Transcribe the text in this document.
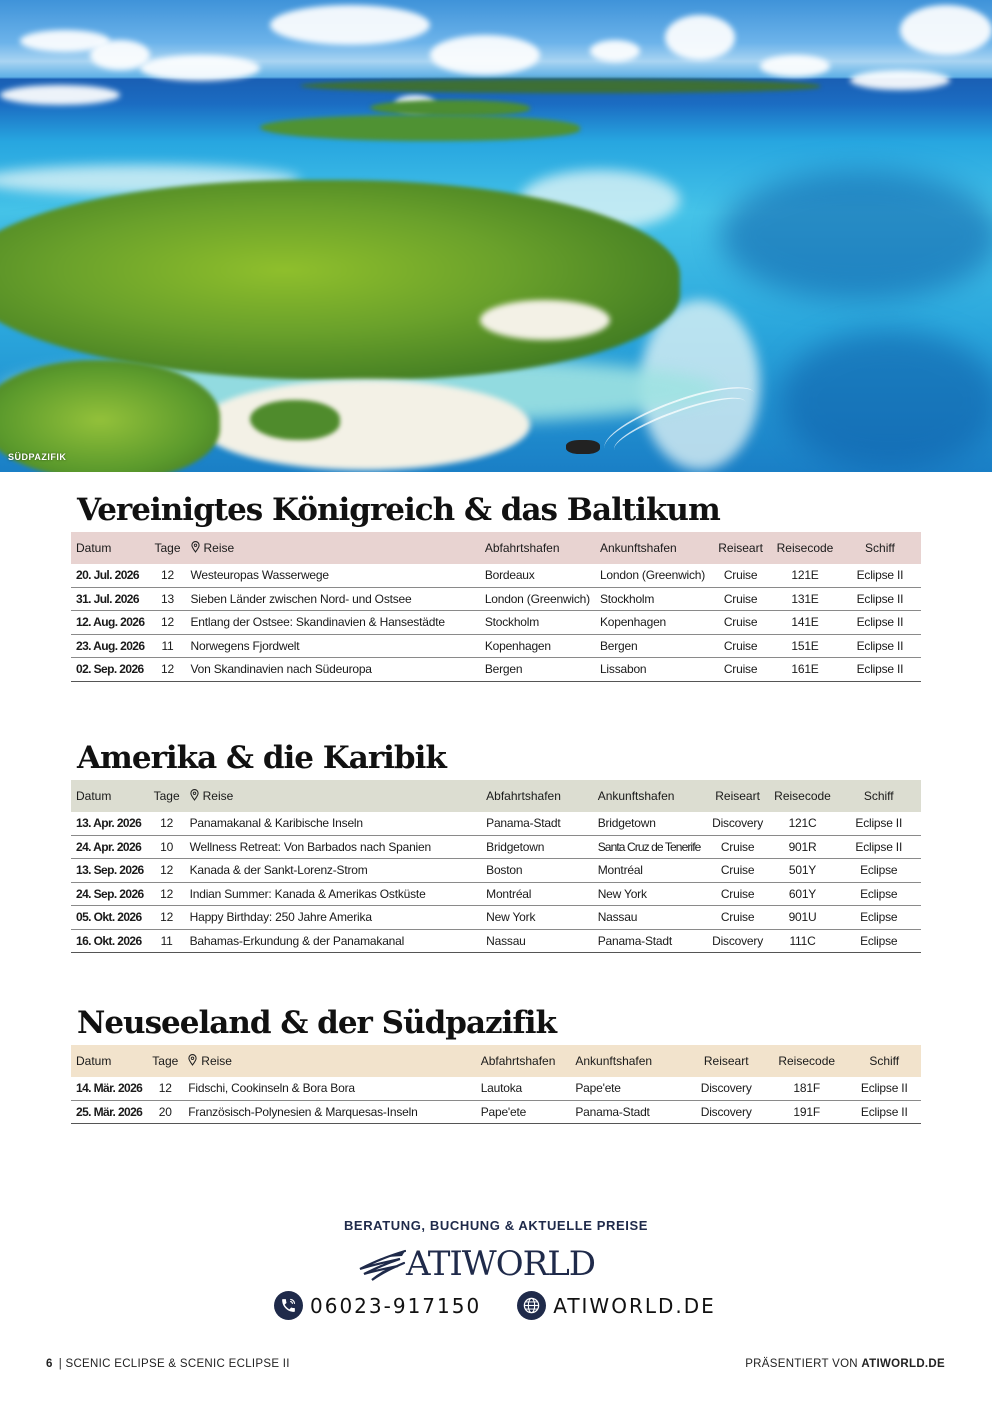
SÜDPAZIFIK
Vereinigtes Königreich & das Baltikum
Datum	Tage	Reise	Abfahrtshafen	Ankunftshafen	Reiseart	Reisecode	Schiff
20. Jul. 2026	12	Westeuropas Wasserwege	Bordeaux	London (Greenwich)	Cruise	121E	Eclipse II
31. Jul. 2026	13	Sieben Länder zwischen Nord- und Ostsee	London (Greenwich)	Stockholm	Cruise	131E	Eclipse II
12. Aug. 2026	12	Entlang der Ostsee: Skandinavien & Hansestädte	Stockholm	Kopenhagen	Cruise	141E	Eclipse II
23. Aug. 2026	11	Norwegens Fjordwelt	Kopenhagen	Bergen	Cruise	151E	Eclipse II
02. Sep. 2026	12	Von Skandinavien nach Südeuropa	Bergen	Lissabon	Cruise	161E	Eclipse II
Amerika & die Karibik
Datum	Tage	Reise	Abfahrtshafen	Ankunftshafen	Reiseart	Reisecode	Schiff
13. Apr. 2026	12	Panamakanal & Karibische Inseln	Panama-Stadt	Bridgetown	Discovery	121C	Eclipse II
24. Apr. 2026	10	Wellness Retreat: Von Barbados nach Spanien	Bridgetown	Santa Cruz de Tenerife	Cruise	901R	Eclipse II
13. Sep. 2026	12	Kanada & der Sankt-Lorenz-Strom	Boston	Montréal	Cruise	501Y	Eclipse
24. Sep. 2026	12	Indian Summer: Kanada & Amerikas Ostküste	Montréal	New York	Cruise	601Y	Eclipse
05. Okt. 2026	12	Happy Birthday: 250 Jahre Amerika	New York	Nassau	Cruise	901U	Eclipse
16. Okt. 2026	11	Bahamas-Erkundung & der Panamakanal	Nassau	Panama-Stadt	Discovery	111C	Eclipse
Neuseeland & der Südpazifik
Datum	Tage	Reise	Abfahrtshafen	Ankunftshafen	Reiseart	Reisecode	Schiff
14. Mär. 2026	12	Fidschi, Cookinseln & Bora Bora	Lautoka	Pape'ete	Discovery	181F	Eclipse II
25. Mär. 2026	20	Französisch-Polynesien & Marquesas-Inseln	Pape'ete	Panama-Stadt	Discovery	191F	Eclipse II
BERATUNG, BUCHUNG & AKTUELLE PREISE
ATIWORLD
06023-917150	ATIWORLD.DE
6 | SCENIC ECLIPSE & SCENIC ECLIPSE II	PRÄSENTIERT VON ATIWORLD.DE
